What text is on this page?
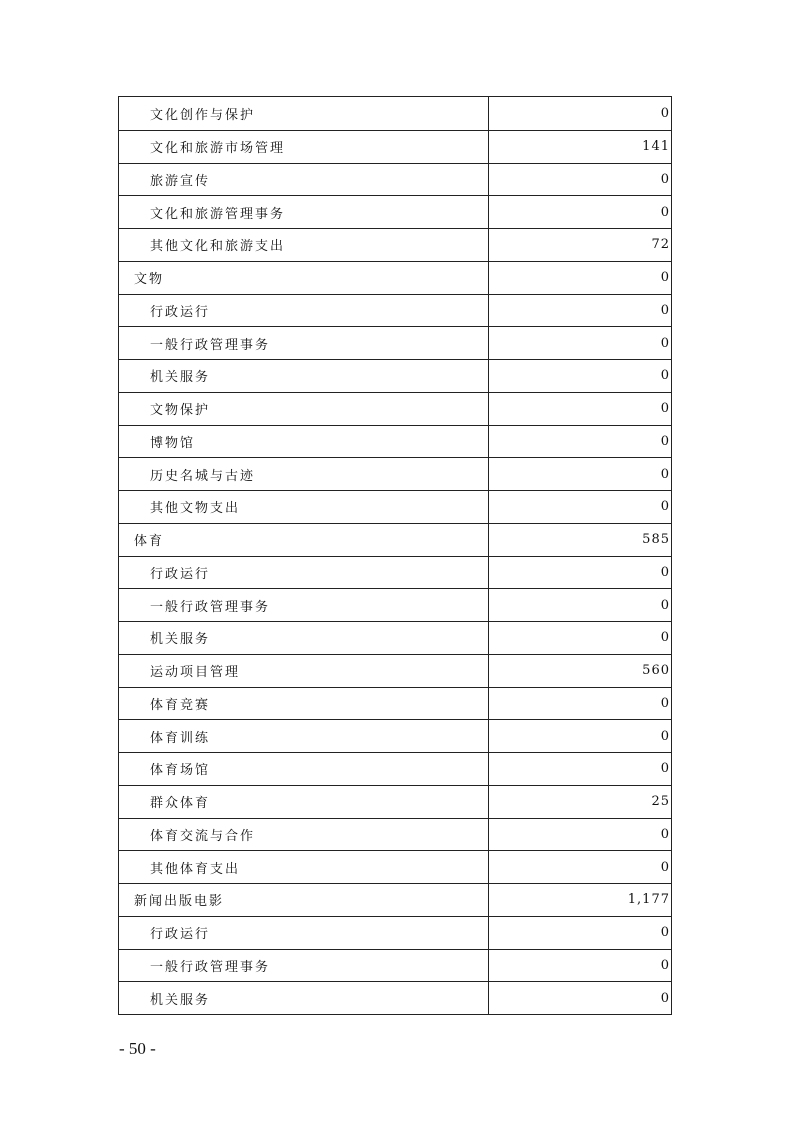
文化创作与保护	0
文化和旅游市场管理	141
旅游宣传	0
文化和旅游管理事务	0
其他文化和旅游支出	72
文物	0
行政运行	0
一般行政管理事务	0
机关服务	0
文物保护	0
博物馆	0
历史名城与古迹	0
其他文物支出	0
体育	585
行政运行	0
一般行政管理事务	0
机关服务	0
运动项目管理	560
体育竞赛	0
体育训练	0
体育场馆	0
群众体育	25
体育交流与合作	0
其他体育支出	0
新闻出版电影	1,177
行政运行	0
一般行政管理事务	0
机关服务	0
- 50 -
